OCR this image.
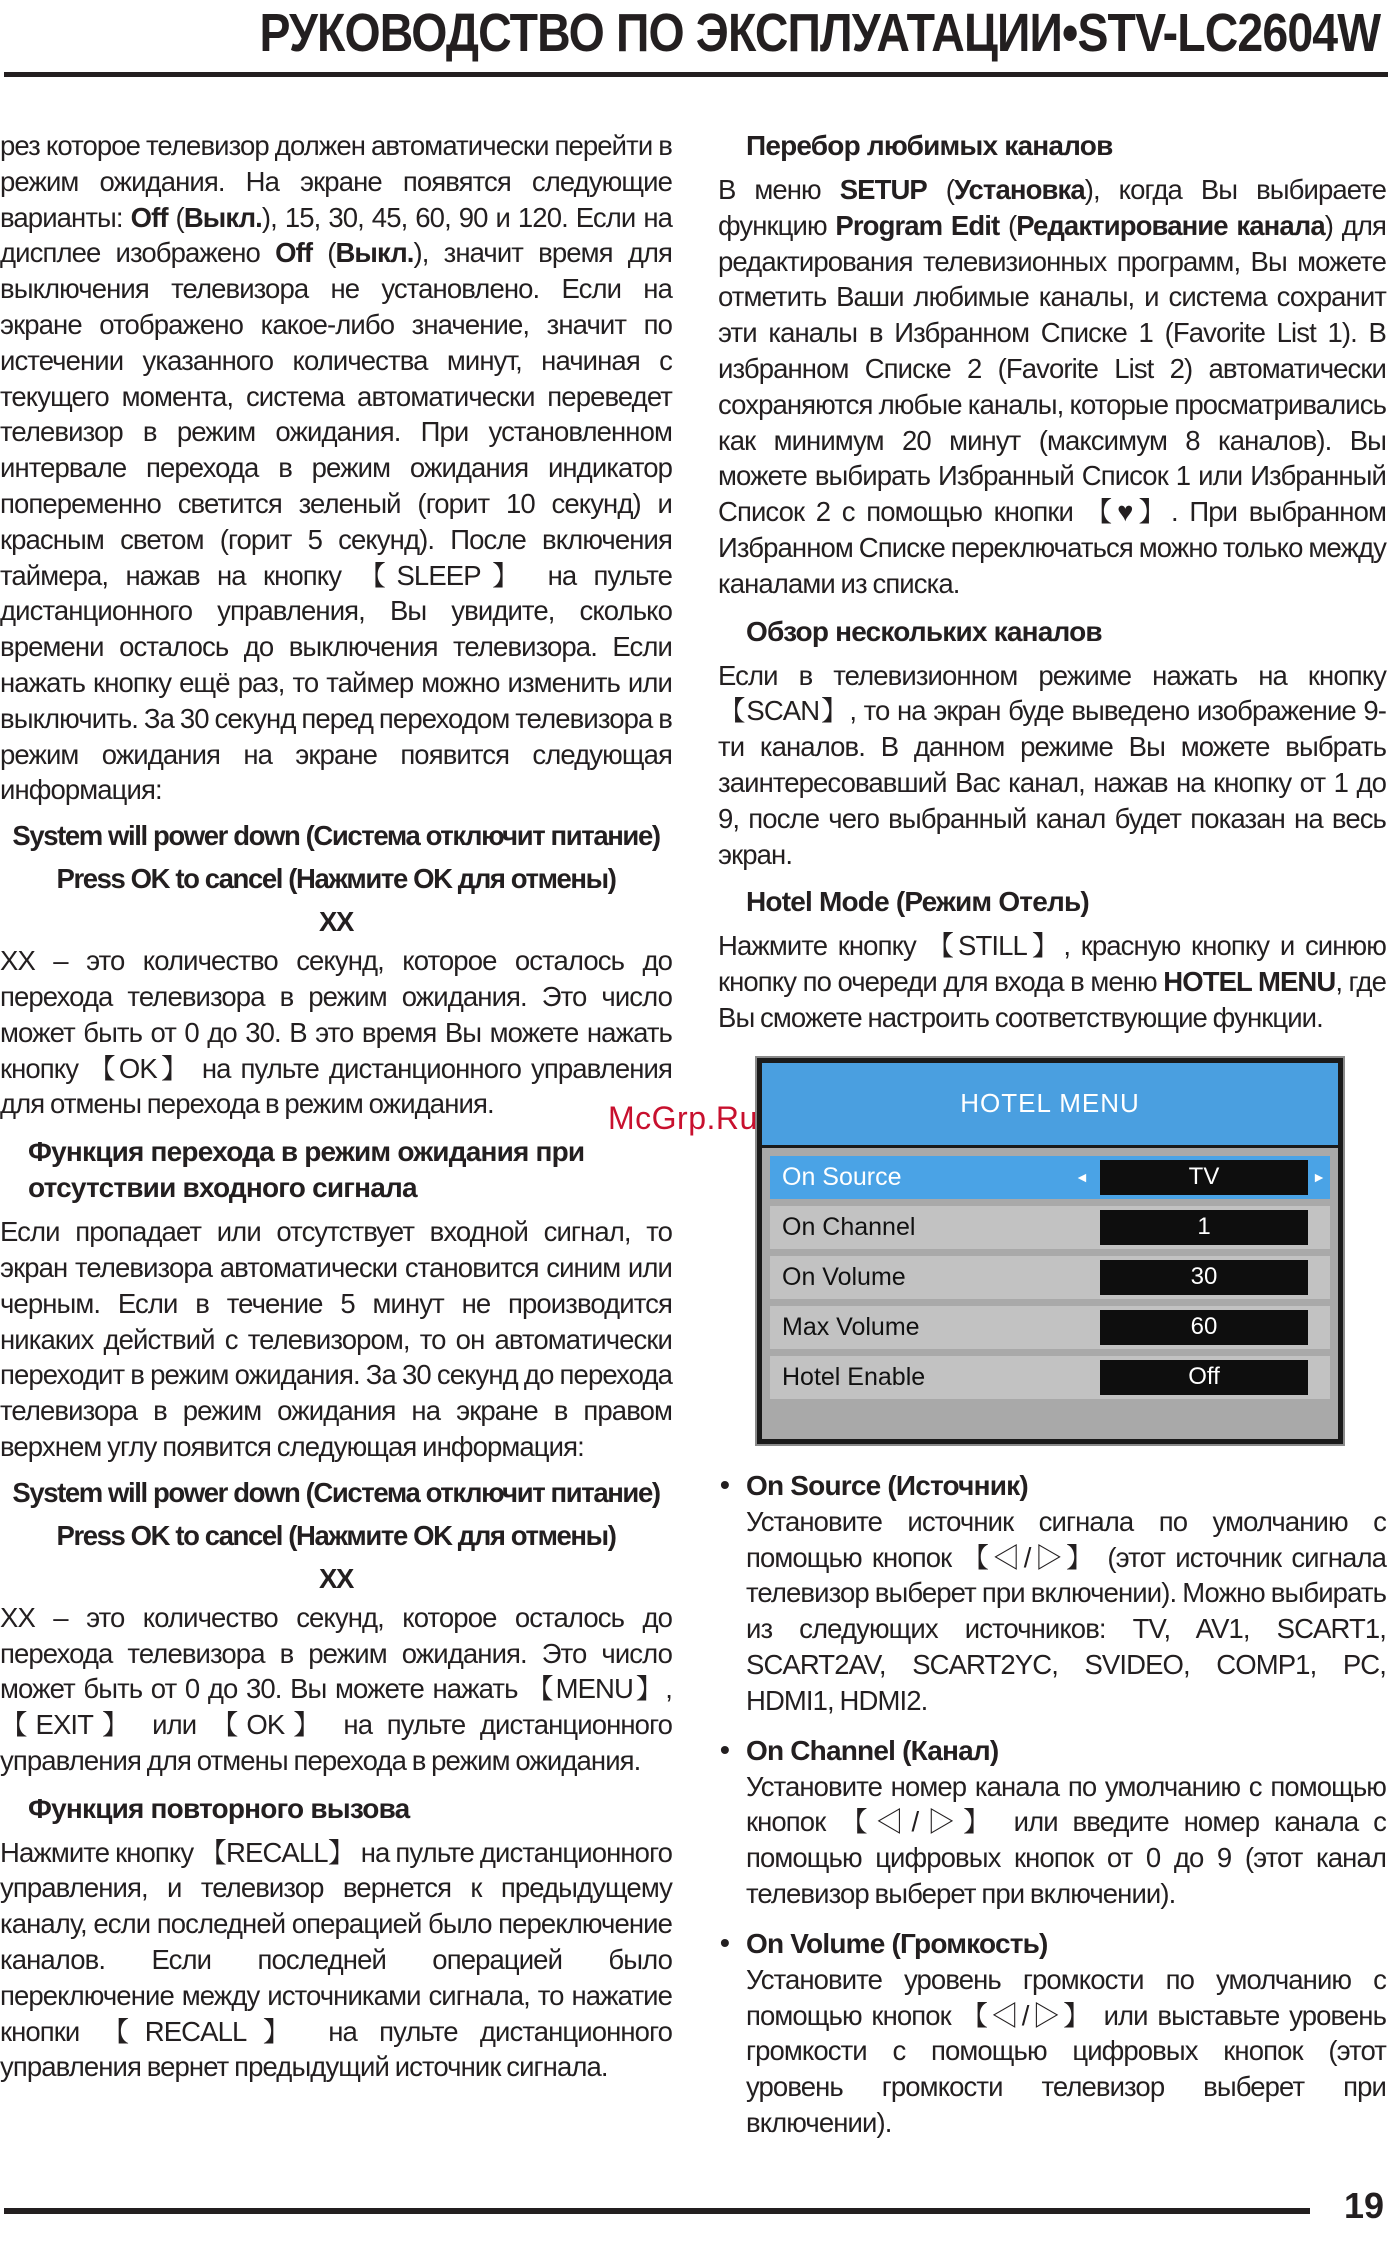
РУКОВОДСТВО ПО ЭКСПЛУАТАЦИИ•STV-LC2604W

рез которое телевизор должен автоматически перейти в режим ожидания. На экране появятся следующие варианты: Off (Выкл.), 15, 30, 45, 60, 90 и 120. Если на дисплее изображено Off (Выкл.), значит время для выключения телевизора не установлено. Если на экране отображено какое-либо значение, значит по истечении указанного количества минут, начиная с текущего момента, система автоматически переведет телевизор в режим ожидания. При установленном интервале перехода в режим ожидания индикатор попеременно светится зеленый (горит 10 секунд) и красным светом (горит 5 секунд). После включения таймера, нажав на кнопку 【SLEEP】 на пульте дистанционного управления, Вы увидите, сколько времени осталось до выключения телевизора. Если нажать кнопку ещё раз, то таймер можно изменить или выключить. За 30 секунд перед переходом телевизора в режим ожидания на экране появится следующая информация:

System will power down (Система отключит питание)
Press OK to cancel (Нажмите OK для отмены)
XX

XX – это количество секунд, которое осталось до перехода телевизора в режим ожидания. Это число может быть от 0 до 30. В это время Вы можете нажать кнопку 【OK】 на пульте дистанционного управления для отмены перехода в режим ожидания.

Функция перехода в режим ожидания при отсутствии входного сигнала

Если пропадает или отсутствует входной сигнал, то экран телевизора автоматически становится синим или черным. Если в течение 5 минут не производится никаких действий с телевизором, то он автоматически переходит в режим ожидания. За 30 секунд до перехода телевизора в режим ожидания на экране в правом верхнем углу появится следующая информация:

System will power down (Система отключит питание)
Press OK to cancel (Нажмите OK для отмены)
XX

XX – это количество секунд, которое осталось до перехода телевизора в режим ожидания. Это число может быть от 0 до 30. Вы можете нажать 【MENU】, 【EXIT】 или 【OK】 на пульте дистанционного управления для отмены перехода в режим ожидания.

Функция повторного вызова

Нажмите кнопку 【RECALL】 на пульте дистанционного управления, и телевизор вернется к предыдущему каналу, если последней операцией было переключение каналов. Если последней операцией было переключение между источниками сигнала, то нажатие кнопки 【RECALL】 на пульте дистанционного управления вернет предыдущий источник сигнала.

Перебор любимых каналов

В меню SETUP (Установка), когда Вы выбираете функцию Program Edit (Редактирование канала) для редактирования телевизионных программ, Вы можете отметить Ваши любимые каналы, и система сохранит эти каналы в Избранном Списке 1 (Favorite List 1). В избранном Списке 2 (Favorite List 2) автоматически сохраняются любые каналы, которые просматривались как минимум 20 минут (максимум 8 каналов). Вы можете выбирать Избранный Список 1 или Избранный Список 2 с помощью кнопки 【♥】. При выбранном Избранном Списке переключаться можно только между каналами из списка.

Обзор нескольких каналов

Если в телевизионном режиме нажать на кнопку 【SCAN】, то на экран буде выведено изображение 9-ти каналов. В данном режиме Вы можете выбрать заинтересовавший Вас канал, нажав на кнопку от 1 до 9, после чего выбранный канал будет показан на весь экран.

Hotel Mode (Режим Отель)

Нажмите кнопку 【STILL】, красную кнопку и синюю кнопку по очереди для входа в меню HOTEL MENU, где Вы сможете настроить соответствующие функции.

HOTEL MENU
On Source	◄	TV	►
On Channel	1
On Volume	30
Max Volume	60
Hotel Enable	Off
• On Source (Источник)

Установите источник сигнала по умолчанию с помощью кнопок 【◁/▷】 (этот источник сигнала телевизор выберет при включении). Можно выбирать из следующих источников: TV, AV1, SCART1, SCART2AV, SCART2YC, SVIDEO, COMP1, PC, HDMI1, HDMI2.

• On Channel (Канал)

Установите номер канала по умолчанию с помощью кнопок 【◁/▷】 или введите номер канала с помощью цифровых кнопок от 0 до 9 (этот канал телевизор выберет при включении).

• On Volume (Громкость)

Установите уровень громкости по умолчанию с помощью кнопок 【◁/▷】 или выставьте уровень громкости с помощью цифровых кнопок (этот уровень громкости телевизор выберет при включении).

McGrp.Ru
19
